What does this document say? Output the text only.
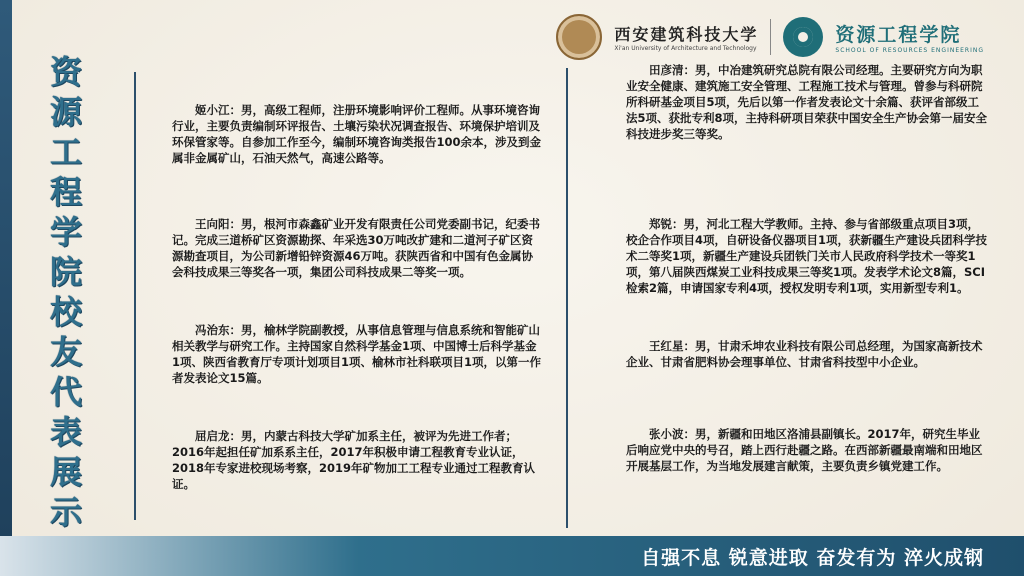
资
源
工
程
学
院
校
友
代
表
展
示
西安建筑科技大学
Xi'an University of Architecture and Technology
资源工程学院
SCHOOL OF RESOURCES ENGINEERING

姬小江：男，高级工程师，注册环境影响评价工程师。从事环境咨询行业，主要负责编制环评报告、土壤污染状况调查报告、环境保护培训及环保管家等。自参加工作至今，编制环境咨询类报告100余本，涉及到金属非金属矿山，石油天然气，高速公路等。

王向阳：男，根河市森鑫矿业开发有限责任公司党委副书记，纪委书记。完成三道桥矿区资源勘探、年采选30万吨改扩建和二道河子矿区资源勘查项目，为公司新增铅锌资源46万吨。获陕西省和中国有色金属协会科技成果三等奖各一项，集团公司科技成果二等奖一项。

冯治东：男，榆林学院副教授，从事信息管理与信息系统和智能矿山相关教学与研究工作。主持国家自然科学基金1项、中国博士后科学基金1项、陕西省教育厅专项计划项目1项、榆林市社科联项目1项，以第一作者发表论文15篇。

屈启龙：男，内蒙古科技大学矿加系主任，被评为先进工作者；2016年起担任矿加系系主任，2017年积极申请工程教育专业认证，2018年专家进校现场考察，2019年矿物加工工程专业通过工程教育认证。

田彦清：男，中冶建筑研究总院有限公司经理。主要研究方向为职业安全健康、建筑施工安全管理、工程施工技术与管理。曾参与科研院所科研基金项目5项，先后以第一作者发表论文十余篇、获评省部级工法5项、获批专利8项，主持科研项目荣获中国安全生产协会第一届安全科技进步奖三等奖。

郑锐：男，河北工程大学教师。主持、参与省部级重点项目3项，校企合作项目4项，自研设备仪器项目1项，获新疆生产建设兵团科学技术二等奖1项，新疆生产建设兵团铁门关市人民政府科学技术一等奖1项，第八届陕西煤炭工业科技成果三等奖1项。发表学术论文8篇，SCI检索2篇，申请国家专利4项，授权发明专利1项，实用新型专利1。

王红星：男，甘肃禾坤农业科技有限公司总经理，为国家高新技术企业、甘肃省肥料协会理事单位、甘肃省科技型中小企业。

张小波：男，新疆和田地区洛浦县副镇长。2017年，研究生毕业后响应党中央的号召，踏上西行赴疆之路。在西部新疆最南端和田地区开展基层工作，为当地发展建言献策，主要负责乡镇党建工作。

自强不息 锐意进取 奋发有为 淬火成钢
